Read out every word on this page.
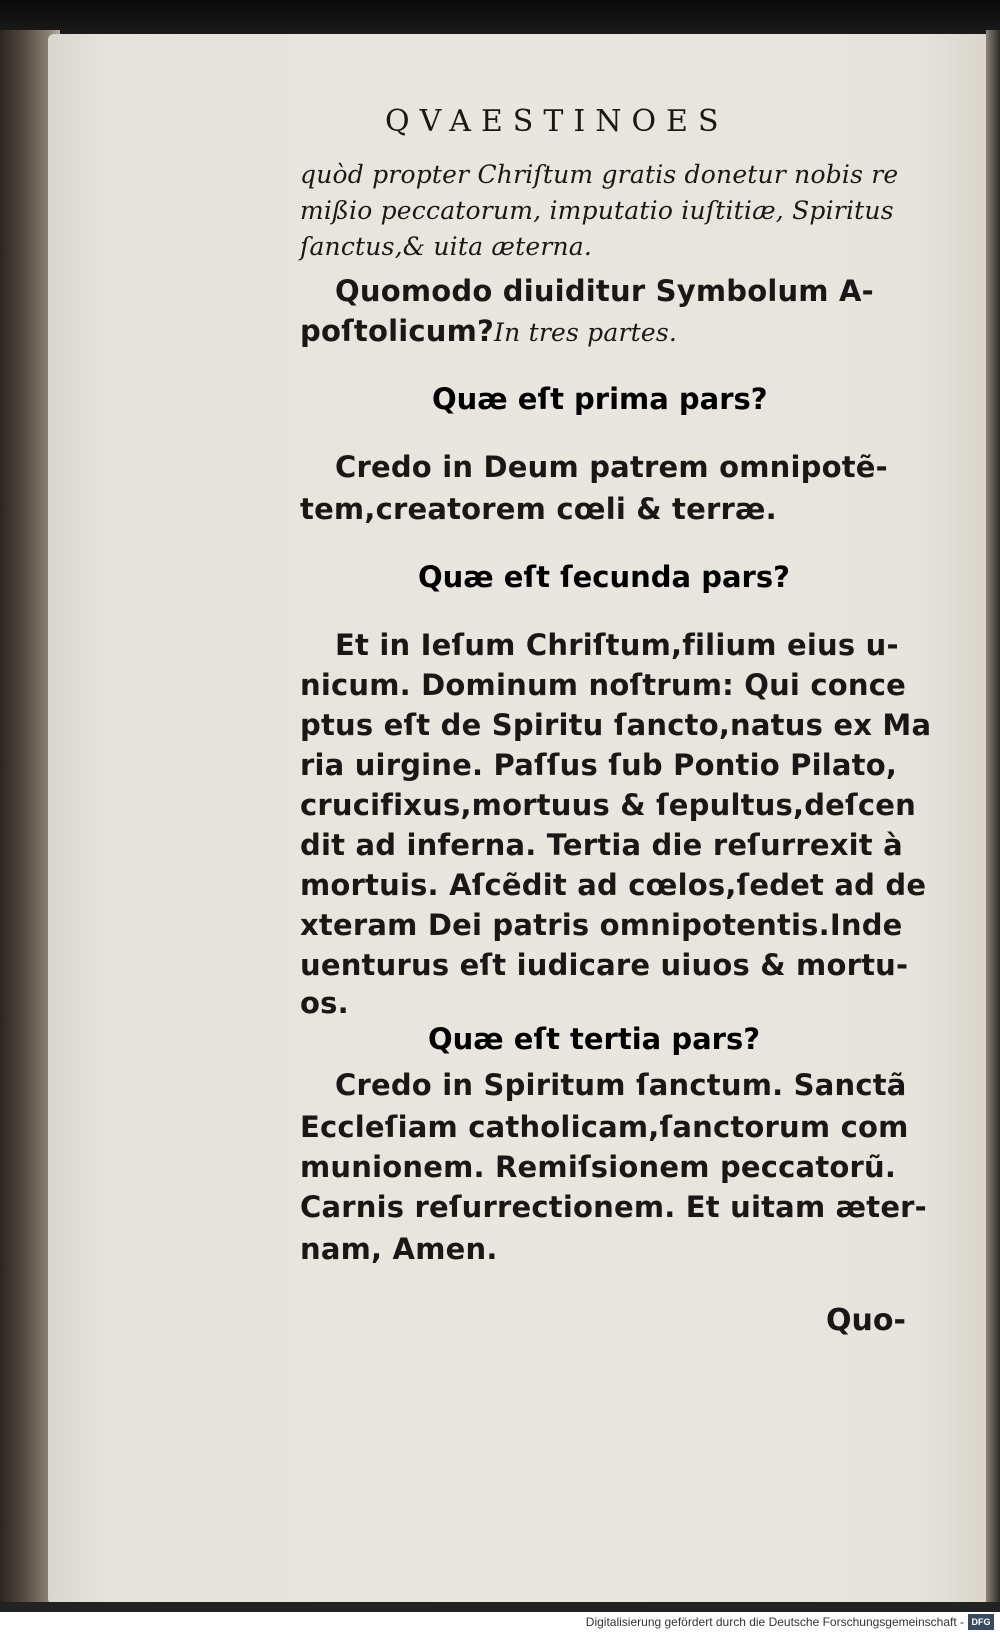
QVAESTINOES
quòd propter Chriſtum gratis donetur nobis re
mißio peccatorum, imputatio iuſtitiæ, Spiritus
ſanctus,& uita æterna.
Quomodo diuiditur Symbolum A-
poſtolicum?In tres partes.
Quæ eſt prima pars?
Credo in Deum patrem omnipotẽ-
tem,creatorem cœli & terræ.
Quæ eſt ſecunda pars?
Et in Ieſum Chriſtum,filium eius u-
nicum. Dominum noſtrum: Qui conce
ptus eſt de Spiritu ſancto,natus ex Ma
ria uirgine. Paſſus ſub Pontio Pilato,
crucifixus,mortuus & ſepultus,deſcen
dit ad inferna. Tertia die reſurrexit à
mortuis. Aſcẽdit ad cœlos,ſedet ad de
xteram Dei patris omnipotentis.Inde
uenturus eſt iudicare uiuos & mortu-
os.
Quæ eſt tertia pars?
Credo in Spiritum ſanctum. Sanctã
Eccleſiam catholicam,ſanctorum com
munionem. Remiſsionem peccatorũ.
Carnis reſurrectionem. Et uitam æter-
nam, Amen.
Quo-
Digitalisierung gefördert durch die Deutsche Forschungsgemeinschaft - DFG
